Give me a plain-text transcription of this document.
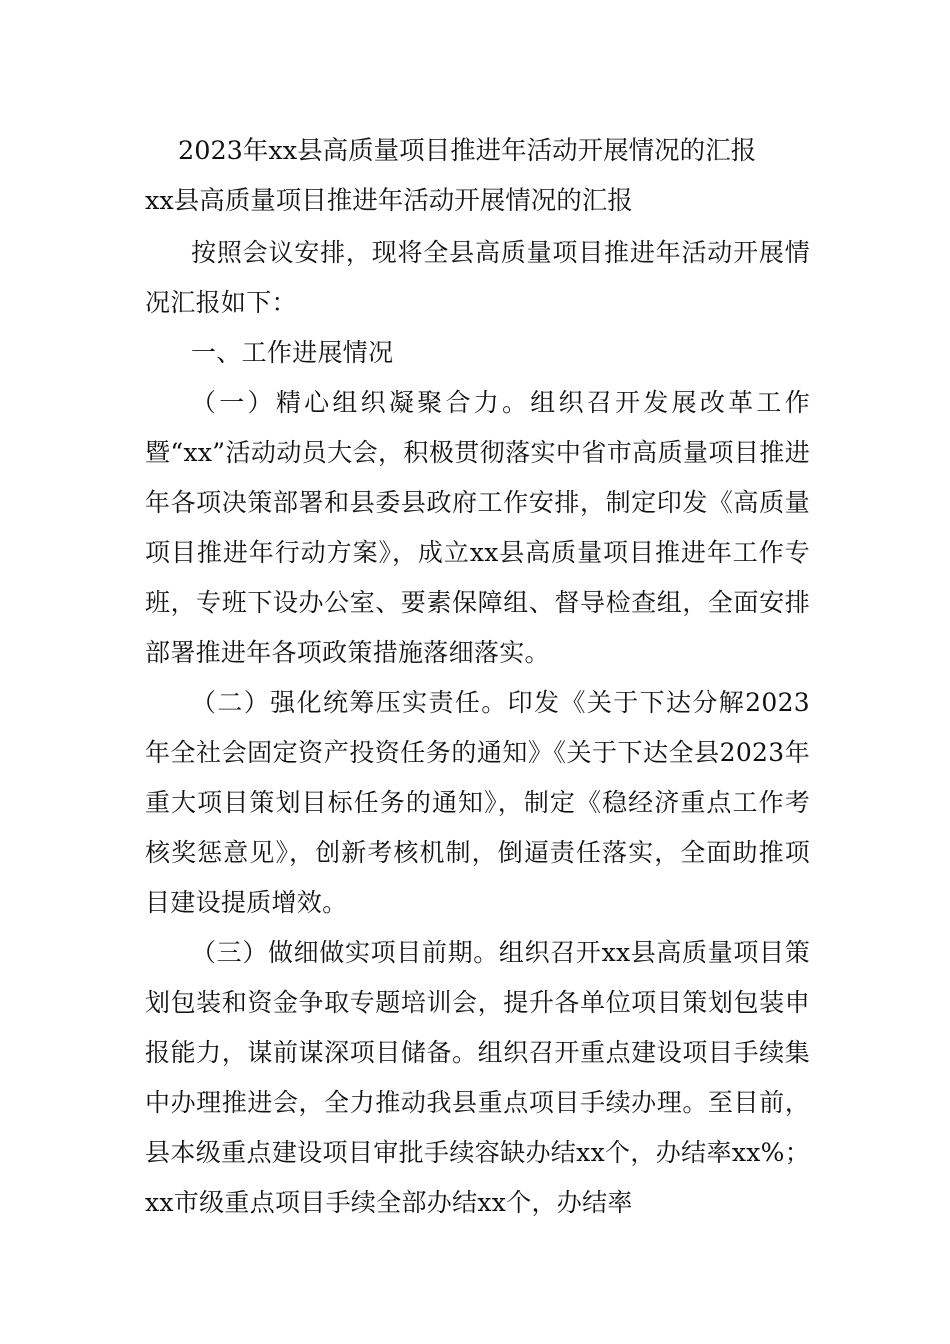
2023年xx县高质量项目推进年活动开展情况的汇报

xx县高质量项目推进年活动开展情况的汇报

按照会议安排，现将全县高质量项目推进年活动开展情况汇报如下：

一、工作进展情况

（一）精心组织凝聚合力。组织召开发展改革工作暨“xx”活动动员大会，积极贯彻落实中省市高质量项目推进年各项决策部署和县委县政府工作安排，制定印发《高质量项目推进年行动方案》，成立xx县高质量项目推进年工作专班，专班下设办公室、要素保障组、督导检查组，全面安排部署推进年各项政策措施落细落实。

（二）强化统筹压实责任。印发《关于下达分解2023年全社会固定资产投资任务的通知》《关于下达全县2023年重大项目策划目标任务的通知》，制定《稳经济重点工作考核奖惩意见》，创新考核机制，倒逼责任落实，全面助推项目建设提质增效。

（三）做细做实项目前期。组织召开xx县高质量项目策划包装和资金争取专题培训会，提升各单位项目策划包装申报能力，谋前谋深项目储备。组织召开重点建设项目手续集中办理推进会，全力推动我县重点项目手续办理。至目前，县本级重点建设项目审批手续容缺办结xx个，办结率xx%；xx市级重点项目手续全部办结xx个，办结率
